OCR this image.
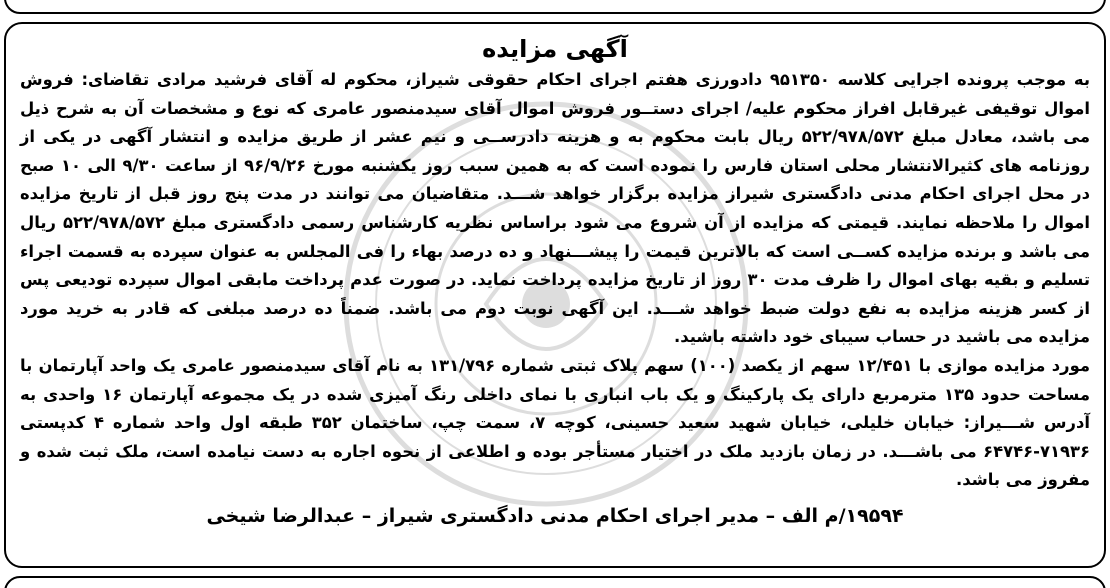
آگهی مزایده

به موجب پرونده اجرایی کلاسه ۹۵۱۳۵۰ دادورزی هفتم اجرای احکام حقوقی شیراز، محکوم له آقای فرشید مرادی تقاضای: فروش اموال توقیفی غیرقابل افراز محکوم علیه/ اجرای دستــور فروش اموال آقای سیدمنصور عامری که نوع و مشخصات آن به شرح ذیل می باشد، معادل مبلغ ۵۲۲/۹۷۸/۵۷۲ ریال بابت محکوم به و هزینه دادرســی و نیم عشر از طریق مزایده و انتشار آگهی در یکی از روزنامه های کثیرالانتشار محلی استان فارس را نموده است که به همین سبب روز یکشنبه مورخ ۹۶/۹/۲۶ از ساعت ۹/۳۰ الی ۱۰ صبح در محل اجرای احکام مدنی دادگستری شیراز مزایده برگزار خواهد شـــد. متقاضیان می توانند در مدت پنج روز قبل از تاریخ مزایده اموال را ملاحظه نمایند. قیمتی که مزایده از آن شروع می شود براساس نظریه کارشناس رسمی دادگستری مبلغ ۵۲۲/۹۷۸/۵۷۲ ریال می باشد و برنده مزایده کســی است که بالاترین قیمت را پیشـــنهاد و ده درصد بهاء را فی المجلس به عنوان سپرده به قسمت اجراء تسلیم و بقیه بهای اموال را ظرف مدت ۳۰ روز از تاریخ مزایده پرداخت نماید. در صورت عدم پرداخت مابقی اموال سپرده تودیعی پس از کسر هزینه مزایده به نفع دولت ضبط خواهد شـــد. این آگهی نوبت دوم می باشد. ضمناً ده درصد مبلغی که قادر به خرید مورد مزایده می باشید در حساب سیبای خود داشته باشید.

مورد مزایده موازی با ۱۲/۴۵۱ سهم از یکصد (۱۰۰) سهم پلاک ثبتی شماره ۱۳۱/۷۹۶ به نام آقای سیدمنصور عامری یک واحد آپارتمان با مساحت حدود ۱۳۵ مترمربع دارای یک پارکینگ و یک باب انباری با نمای داخلی رنگ آمیزی شده در یک مجموعه آپارتمان ۱۶ واحدی به آدرس شـــیراز: خیابان خلیلی، خیابان شهید سعید حسینی، کوچه ۷، سمت چپ، ساختمان ۳۵۲ طبقه اول واحد شماره ۴ کدپستی ۷۱۹۳۶-۶۴۷۴۶ می باشـــد. در زمان بازدید ملک در اختیار مستأجر بوده و اطلاعی از نحوه اجاره به دست نیامده است، ملک ثبت شده و مفروز می باشد.

۱۹۵۹۴/م الف – مدیر اجرای احکام مدنی دادگستری شیراز – عبدالرضا شیخی
